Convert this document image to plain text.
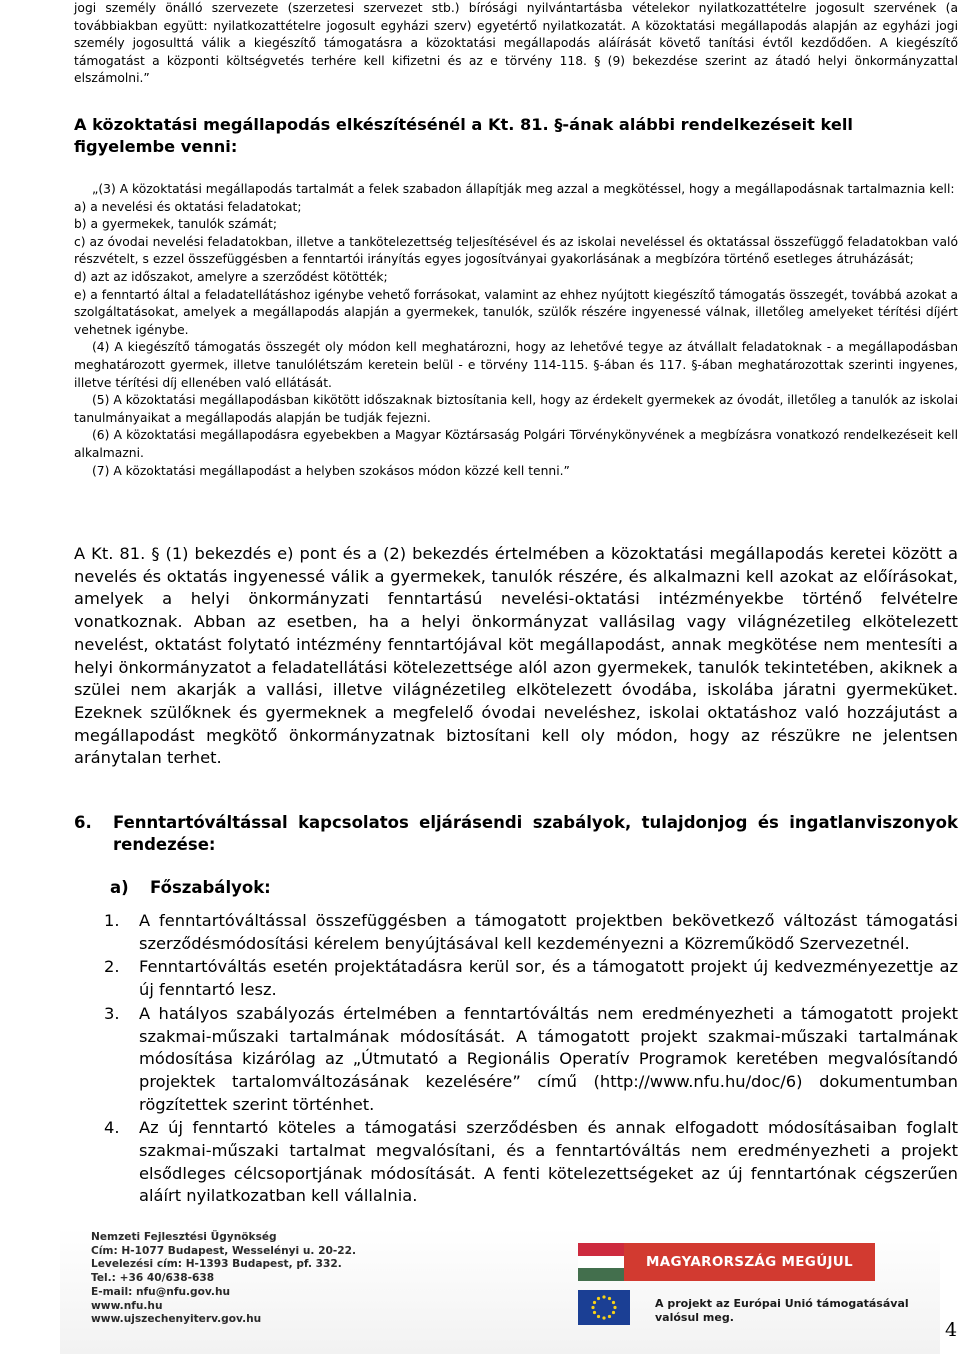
jogi személy önálló szervezete (szerzetesi szervezet stb.) bírósági nyilvántartásba vételekor nyilatkozattételre jogosult szervének (a továbbiakban együtt: nyilatkozattételre jogosult egyházi szerv) egyetértő nyilatkozatát. A közoktatási megállapodás alapján az egyházi jogi személy jogosulttá válik a kiegészítő támogatásra a közoktatási megállapodás aláírását követő tanítási évtől kezdődően. A kiegészítő támogatást a központi költségvetés terhére kell kifizetni és az e törvény 118. § (9) bekezdése szerint az átadó helyi önkormányzattal elszámolni.”
A közoktatási megállapodás elkészítésénél a Kt. 81. §-ának alábbi rendelkezéseit kell figyelembe venni:
„(3) A közoktatási megállapodás tartalmát a felek szabadon állapítják meg azzal a megkötéssel, hogy a megállapodásnak tartalmaznia kell:
a) a nevelési és oktatási feladatokat;
b) a gyermekek, tanulók számát;
c) az óvodai nevelési feladatokban, illetve a tankötelezettség teljesítésével és az iskolai neveléssel és oktatással összefüggő feladatokban való részvételt, s ezzel összefüggésben a fenntartói irányítás egyes jogosítványai gyakorlásának a megbízóra történő esetleges átruházását;
d) azt az időszakot, amelyre a szerződést kötötték;
e) a fenntartó által a feladatellátáshoz igénybe vehető forrásokat, valamint az ehhez nyújtott kiegészítő támogatás összegét, továbbá azokat a szolgáltatásokat, amelyek a megállapodás alapján a gyermekek, tanulók, szülők részére ingyenessé válnak, illetőleg amelyeket térítési díjért vehetnek igénybe.
(4) A kiegészítő támogatás összegét oly módon kell meghatározni, hogy az lehetővé tegye az átvállalt feladatoknak - a megállapodásban meghatározott gyermek, illetve tanulólétszám keretein belül - e törvény 114-115. §-ában és 117. §-ában meghatározottak szerinti ingyenes, illetve térítési díj ellenében való ellátását.
(5) A közoktatási megállapodásban kikötött időszaknak biztosítania kell, hogy az érdekelt gyermekek az óvodát, illetőleg a tanulók az iskolai tanulmányaikat a megállapodás alapján be tudják fejezni.
(6) A közoktatási megállapodásra egyebekben a Magyar Köztársaság Polgári Törvénykönyvének a megbízásra vonatkozó rendelkezéseit kell alkalmazni.
(7) A közoktatási megállapodást a helyben szokásos módon közzé kell tenni.”
A Kt. 81. § (1) bekezdés e) pont és a (2) bekezdés értelmében a közoktatási megállapodás keretei között a nevelés és oktatás ingyenessé válik a gyermekek, tanulók részére, és alkalmazni kell azokat az előírásokat, amelyek a helyi önkormányzati fenntartású nevelési-oktatási intézményekbe történő felvételre vonatkoznak. Abban az esetben, ha a helyi önkormányzat vallásilag vagy világnézetileg elkötelezett nevelést, oktatást folytató intézmény fenntartójával köt megállapodást, annak megkötése nem mentesíti a helyi önkormányzatot a feladatellátási kötelezettsége alól azon gyermekek, tanulók tekintetében, akiknek a szülei nem akarják a vallási, illetve világnézetileg elkötelezett óvodába, iskolába járatni gyermeküket. Ezeknek szülőknek és gyermeknek a megfelelő óvodai neveléshez, iskolai oktatáshoz való hozzájutást a megállapodást megkötő önkormányzatnak biztosítani kell oly módon, hogy az részükre ne jelentsen aránytalan terhet.
6.	Fenntartóváltással kapcsolatos eljárásendi szabályok, tulajdonjog és ingatlanviszonyok rendezése:
a) Főszabályok:
1. A fenntartóváltással összefüggésben a támogatott projektben bekövetkező változást támogatási szerződésmódosítási kérelem benyújtásával kell kezdeményezni a Közreműködő Szervezetnél.
2. Fenntartóváltás esetén projektátadásra kerül sor, és a támogatott projekt új kedvezményezettje az új fenntartó lesz.
3. A hatályos szabályozás értelmében a fenntartóváltás nem eredményezheti a támogatott projekt szakmai-műszaki tartalmának módosítását. A támogatott projekt szakmai-műszaki tartalmának módosítása kizárólag az „Útmutató a Regionális Operatív Programok keretében megvalósítandó projektek tartalomváltozásának kezelésére” című (http://www.nfu.hu/doc/6) dokumentumban rögzítettek szerint történhet.
4. Az új fenntartó köteles a támogatási szerződésben és annak elfogadott módosításaiban foglalt szakmai-műszaki tartalmat megvalósítani, és a fenntartóváltás nem eredményezheti a projekt elsődleges célcsoportjának módosítását. A fenti kötelezettségeket az új fenntartónak cégszerűen aláírt nyilatkozatban kell vállalnia.
Nemzeti Fejlesztési Ügynökség
Cím: H-1077 Budapest, Wesselényi u. 20-22.
Levelezési cím: H-1393 Budapest, pf. 332.
Tel.: +36 40/638-638
E-mail: nfu@nfu.gov.hu
www.nfu.hu
www.ujszechenyiterv.gov.hu
MAGYARORSZÁG MEGÚJUL
A projekt az Európai Unió támogatásával valósul meg.
4
